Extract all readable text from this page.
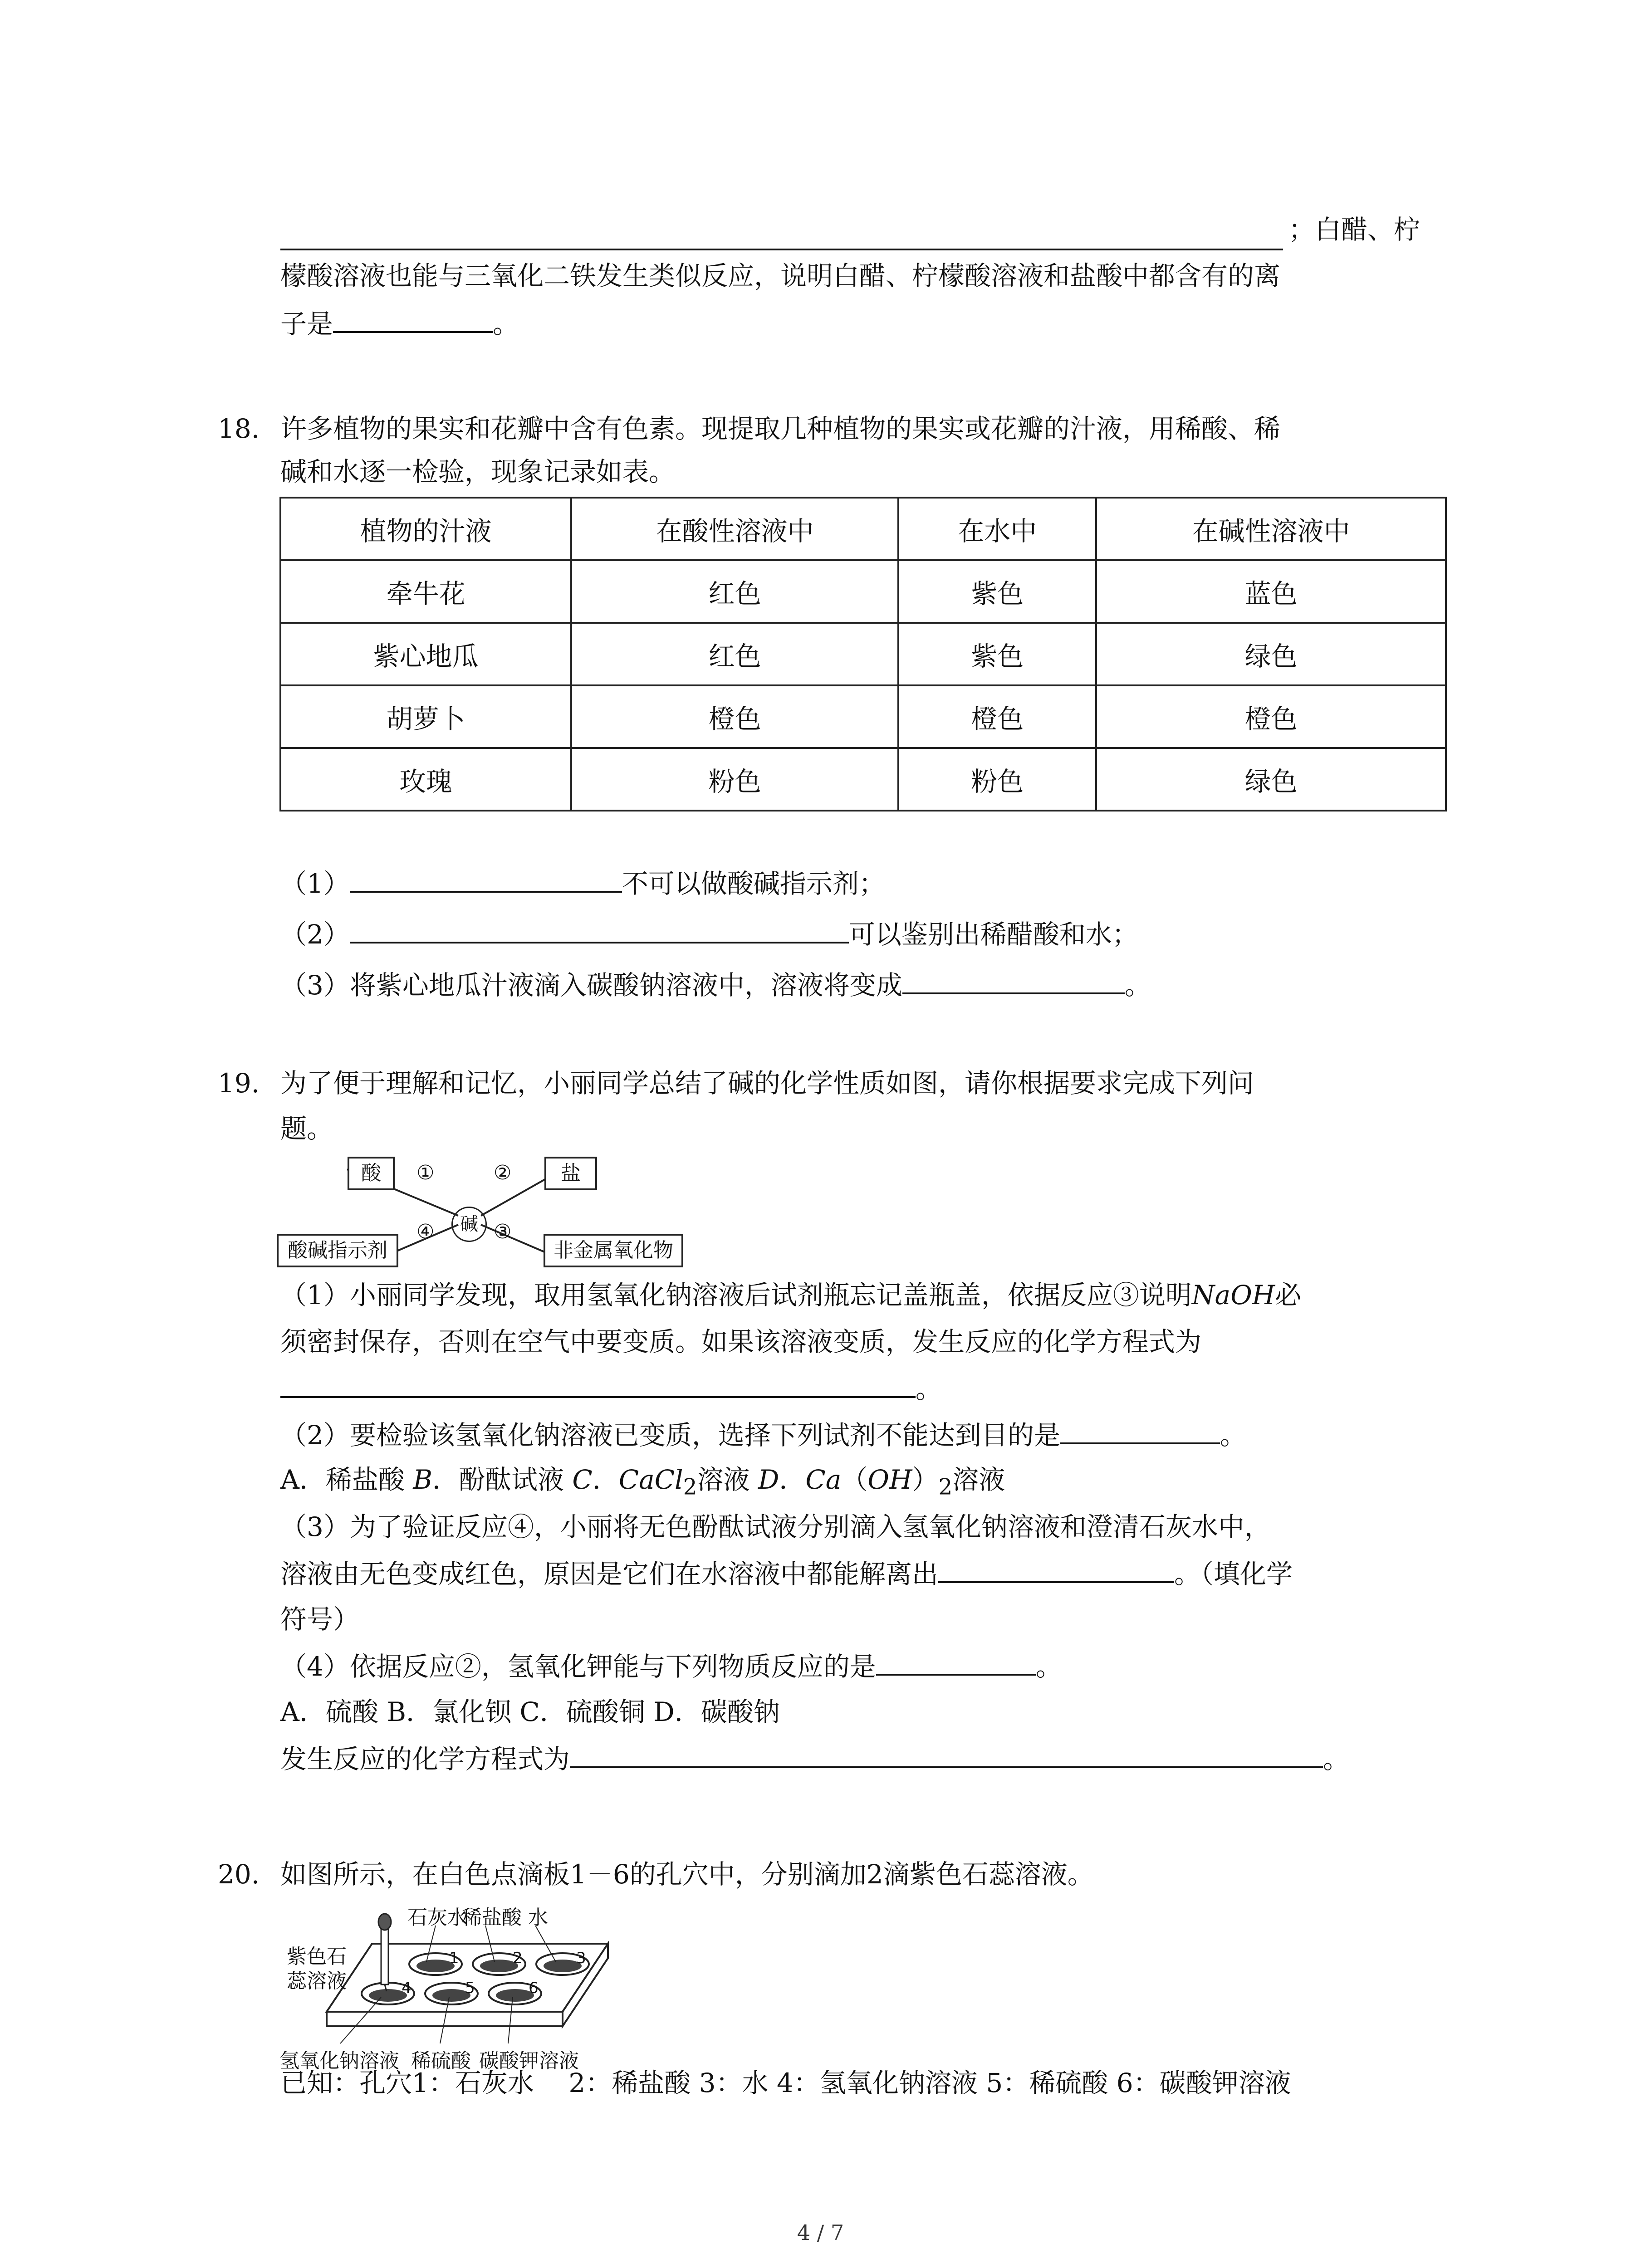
；白醋、柠
檬酸溶液也能与三氧化二铁发生类似反应，说明白醋、柠檬酸溶液和盐酸中都含有的离
子是	。
18. 许多植物的果实和花瓣中含有色素。现提取几种植物的果实或花瓣的汁液，用稀酸、稀
碱和水逐一检验，现象记录如表。
植物的汁液	在酸性溶液中	在水中	在碱性溶液中
牵牛花	红色	紫色	蓝色
紫心地瓜	红色	紫色	绿色
胡萝卜	橙色	橙色	橙色
玫瑰	粉色	粉色	绿色
（1）	不可以做酸碱指示剂；
（2）	可以鉴别出稀醋酸和水；
（3）将紫心地瓜汁液滴入碳酸钠溶液中，溶液将变成	。
19. 为了便于理解和记忆，小丽同学总结了碱的化学性质如图，请你根据要求完成下列问
题。
酸	盐
碱
酸碱指示剂	非金属氧化物
①	②
④	③
（1）小丽同学发现，取用氢氧化钠溶液后试剂瓶忘记盖瓶盖，依据反应③说明NaOH必
须密封保存，否则在空气中要变质。如果该溶液变质，发生反应的化学方程式为
。
（2）要检验该氢氧化钠溶液已变质，选择下列试剂不能达到目的是	。
A．稀盐酸 B．酚酞试液 C．CaCl$_2$溶液 D．$Ca(OH)_2$溶液
（3）为了验证反应④，小丽将无色酚酞试液分别滴入氢氧化钠溶液和澄清石灰水中，
溶液由无色变成红色，原因是它们在水溶液中都能解离出	。（填化学
符号）
（4）依据反应②，氢氧化钾能与下列物质反应的是	。
A．硫酸 B．氯化钡 C．硫酸铜 D．碳酸钠
发生反应的化学方程式为	。
20. 如图所示，在白色点滴板1－6的孔穴中，分别滴加2滴紫色石蕊溶液。
石灰水
稀盐酸 水
紫色石
蕊溶液
1	2	3
4	5	6
氢氧化钠溶液 稀硫酸 碳酸钾溶液
已知：孔穴1：石灰水　 2：稀盐酸 3：水 4：氢氧化钠溶液 5：稀硫酸 6：碳酸钾溶液
4 / 7
